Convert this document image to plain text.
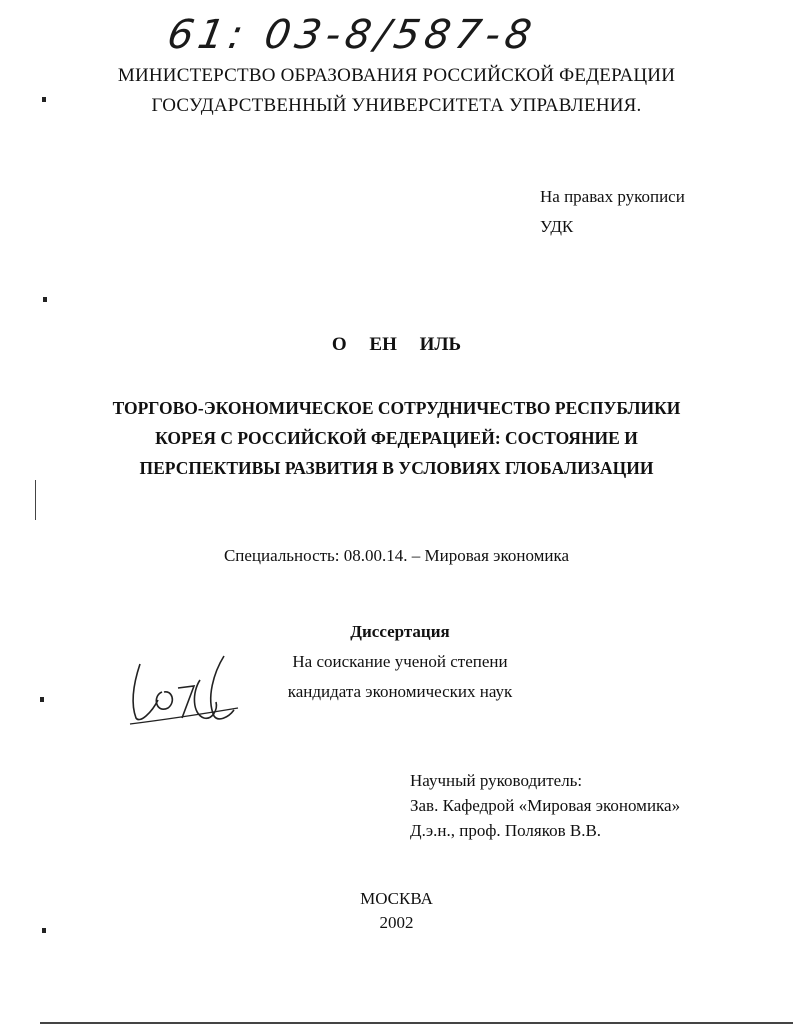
61: 03-8/587-8
МИНИСТЕРСТВО ОБРАЗОВАНИЯ РОССИЙСКОЙ ФЕДЕРАЦИИ
ГОСУДАРСТВЕННЫЙ УНИВЕРСИТЕТА УПРАВЛЕНИЯ.
На правах рукописи
УДК
О ЕН ИЛЬ
ТОРГОВО-ЭКОНОМИЧЕСКОЕ СОТРУДНИЧЕСТВО РЕСПУБЛИКИ
КОРЕЯ С РОССИЙСКОЙ ФЕДЕРАЦИЕЙ: СОСТОЯНИЕ И
ПЕРСПЕКТИВЫ РАЗВИТИЯ В УСЛОВИЯХ ГЛОБАЛИЗАЦИИ
Специальность: 08.00.14. – Мировая экономика
Диссертация
На соискание ученой степени
кандидата экономических наук
Научный руководитель:
Зав. Кафедрой «Мировая экономика»
Д.э.н., проф. Поляков В.В.
МОСКВА
2002
